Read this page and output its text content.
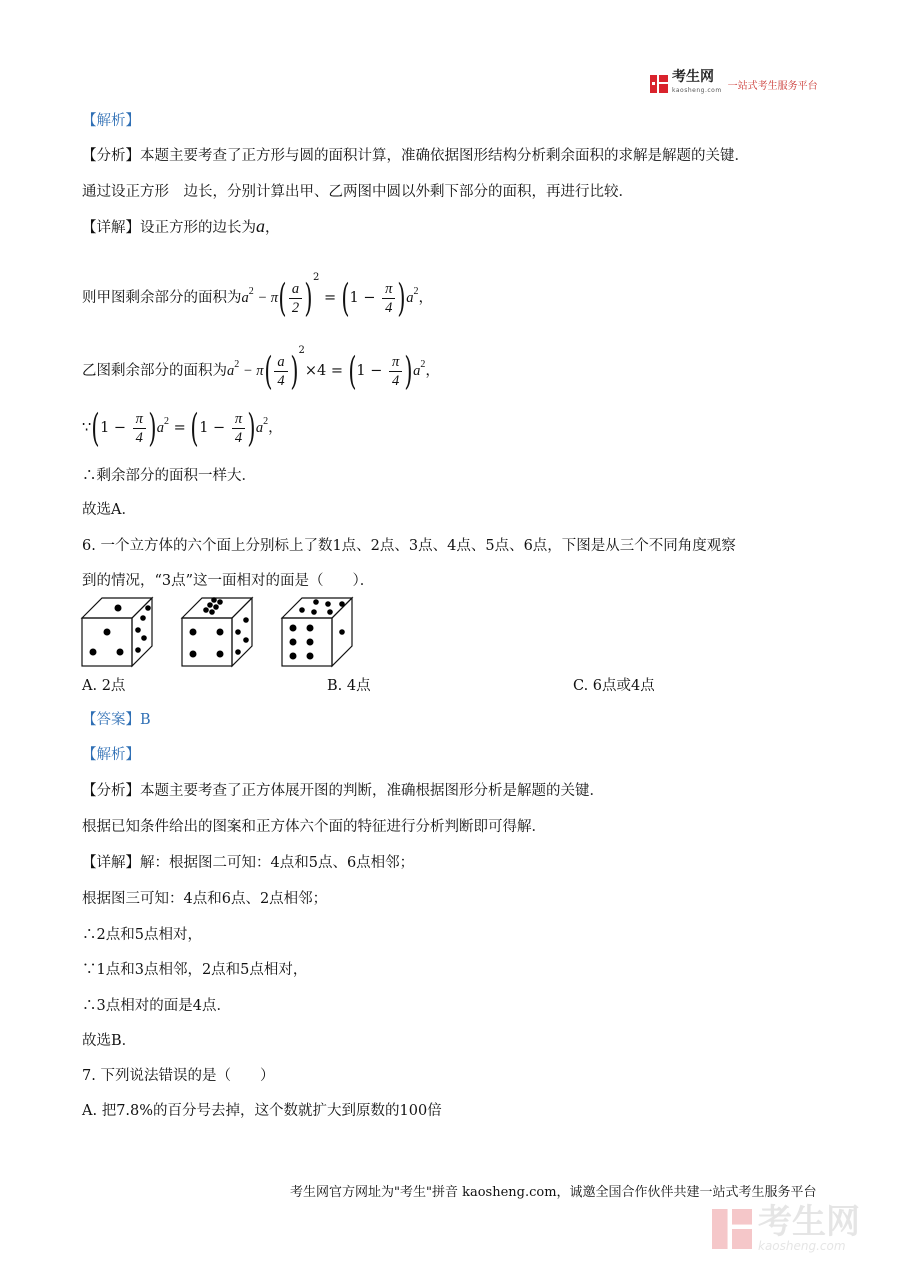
考生网
kaosheng.com 一站式考生服务平台
【解析】
【分析】本题主要考查了正方形与圆的面积计算，准确依据图形结构分析剩余面积的求解是解题的关键．
通过设正方形　边长，分别计算出甲、乙两图中圆以外剩下部分的面积，再进行比较．
【详解】设正方形的边长为a，
则甲图剩余部分的面积为$a^2 - \pi( \frac{a}{2} )^2 = (1 - \frac{\pi}{4} )a^2$，
乙图剩余部分的面积为$a^2 - \pi( \frac{a}{4} )^2\times 4 = (1 - \frac{\pi}{4} )a^2$，
∵(1 − $\frac{\pi}{4} )a^2 = (1 - \frac{\pi}{4} )a^2$，
∴剩余部分的面积一样大．
故选A．
6. 一个立方体的六个面上分别标上了数1点、2点、3点、4点、5点、6点，下图是从三个不同角度观察
到的情况，“3点”这一面相对的面是（　　）．
A. 2点	B. 4点	C. 6点或4点
【答案】B
【解析】
【分析】本题主要考查了正方体展开图的判断，准确根据图形分析是解题的关键．
根据已知条件给出的图案和正方体六个面的特征进行分析判断即可得解．
【详解】解：根据图二可知：4点和5点、6点相邻；
根据图三可知：4点和6点、2点相邻；
∴2点和5点相对，
∵1点和3点相邻，2点和5点相对，
∴3点相对的面是4点．
故选B．
7. 下列说法错误的是（　　）
A. 把7.8%的百分号去掉，这个数就扩大到原数的100倍
考生网官方网址为"考生"拼音 kaosheng.com，诚邀全国合作伙伴共建一站式考生服务平台
考生网
kaosheng.com
